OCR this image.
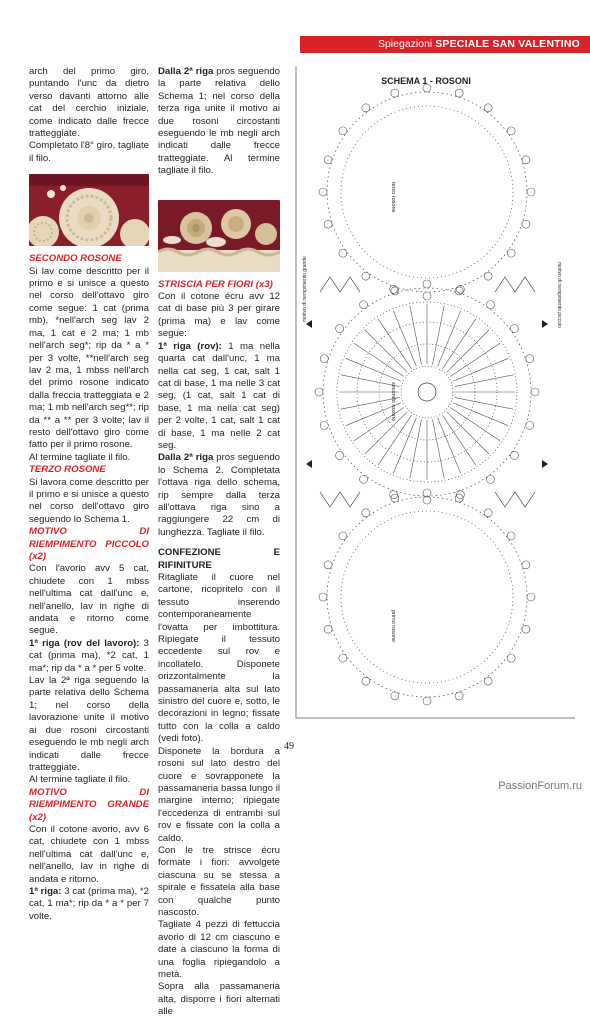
Spiegazioni SPECIALE SAN VALENTINO

arch del primo giro, puntando l'unc da dietro verso davanti attorno alle cat del cerchio iniziale, come indicato dalle frecce tratteggiate.

Completato l'8° giro, tagliate il filo.

SECONDO ROSONE

Si lav come descritto per il primo e si unisce a questo nel corso dell'ottavo giro come segue: 1 cat (prima mb), *nell'arch seg lav 2 ma, 1 cat e 2 ma; 1 mb nell'arch seg*; rip da * a * per 3 volte, **nell'arch seg lav 2 ma, 1 mbss nell'arch del primo rosone indicato dalla freccia tratteggiata e 2 ma; 1 mb nell'arch seg**; rip da ** a ** per 3 volte; lav il resto dell'ottavo giro come fatto per il primo rosone.

Al termine tagliate il filo.

TERZO ROSONE

Si lavora come descritto per il primo e si unisce a questo nel corso dell'ottavo giro seguendo lo Schema 1.

MOTIVO DI RIEMPIMENTO PICCOLO (x2)

Con l'avorio avv 5 cat, chiudete con 1 mbss nell'ultima cat dall'unc e, nell'anello, lav in righe di andata e ritorno come segue.

1ª riga (rov del lavoro): 3 cat (prima ma), *2 cat, 1 ma*; rip da * a * per 5 volte.

Lav la 2ª riga seguendo la parte relativa dello Schema 1; nel corso della lavorazione unite il motivo ai due rosoni circostanti eseguendo le mb negli arch indicati dalle frecce tratteggiate.

Al termine tagliate il filo.

MOTIVO DI RIEMPIMENTO GRANDE (x2)

Con il cotone avorio, avv 6 cat, chiudete con 1 mbss nell'ultima cat dall'unc e, nell'anello, lav in righe di andata e ritorno.

1ª riga: 3 cat (prima ma), *2 cat, 1 ma*; rip da * a * per 7 volte.

Dalla 2ª riga pros seguendo la parte relativa dello Schema 1; nel corso della terza riga unite il motivo ai due rosoni circostanti eseguendo le mb negli arch indicati dalle frecce tratteggiate. Al termine tagliate il filo.

STRISCIA PER FIORI (x3)

Con il cotone écru avv 12 cat di base più 3 per girare (prima ma) e lav come segue:

1ª riga (rov): 1 ma nella quarta cat dall'unc, 1 ma nella cat seg, 1 cat, salt 1 cat di base, 1 ma nelle 3 cat seg, (1 cat, salt 1 cat di base, 1 ma nella cat seg) per 2 volte, 1 cat, salt 1 cat di base, 1 ma nelle 2 cat seg.

Dalla 2ª riga pros seguendo lo Schema 2. Completata l'ottava riga dello schema, rip sempre dalla terza all'ottava riga sino a raggiungere 22 cm di lunghezza. Tagliate il filo.

CONFEZIONE E RIFINITURE

Ritagliate il cuore nel cartone, ricopritelo con il tessuto inserendo contemporaneamente l'ovatta per imbottitura. Ripiegate il tessuto eccedente sul rov e incollatelo. Disponete orizzontalmente la passamaneria alta sul lato sinistro del cuore e, sotto, le decorazioni in legno; fissate tutto con la colla a caldo (vedi foto).

Disponete la bordura a rosoni sul lato destro del cuore e sovrapponete la passamaneria bassa lungo il margine interno; ripiegate l'eccedenza di entrambi sul rov e fissate con la colla a caldo.

Con le tre strisce écru formate i fiori: avvolgete ciascuna su se stessa a spirale e fissatela alla base con qualche punto nascosto.

Tagliate 4 pezzi di fettuccia avorio di 12 cm ciascuno e date a ciascuno la forma di una foglia ripiegandolo a metà.

Sopra alla passamaneria alta, disporre i fiori alternati alle

SCHEMA 1 - ROSONI
terzo rosone
secondo rosone
primo rosone
motivo di riempimento piccolo
motivo di riempimento grande
49
PassionForum.ru
